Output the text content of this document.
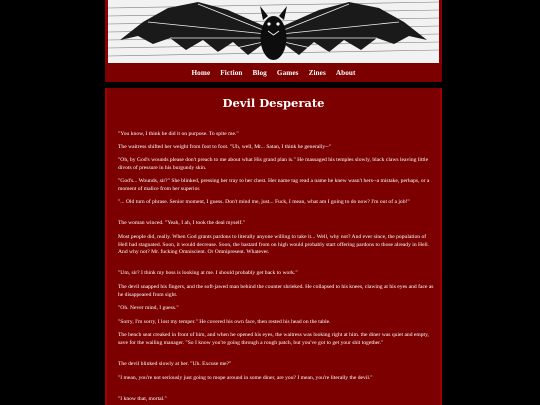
Home Fiction Blog Games Zines About
Devil Desperate

"You know, I think he did it on purpose. To spite me."

The waitress shifted her weight from foot to foot. "Uh, well, Mr... Satan, I think he generally--"

"Oh, by God's wounds please don't preach to me about what His grand plan is." He massaged his temples slowly, black claws leaving little divots of pressure in his burgundy skin.

"God's... Wounds, sir?" She blinked, pressing her tray to her chest. Her name tag read a name he knew wasn't hers--a mistake, perhaps, or a moment of malice from her superior.

"... Old turn of phrase. Senior moment, I guess. Don't mind me, just... Fuck, I mean, what am I going to do now? I'm out of a job!"

The woman winced. "Yeah, I ah, I took the deal myself."

Most people did, really. When God grants pardons to literally anyone willing to take it... Well, why not? And ever since, the population of Hell had stagnated. Soon, it would decrease. Soon, the bastard from on high would probably start offering pardons to those already in Hell. And why not? Mr. fucking Omniscient. Or Omnipresent. Whatever.

"Um, sir? I think my boss is looking at me. I should probably get back to work."

The devil snapped his fingers, and the soft-jawed man behind the counter shrieked. He collapsed to his knees, clawing at his eyes and face as he disappeared from sight.

"Oh. Never mind, I guess."

"Sorry, I'm sorry, I lost my temper." He covered his own face, then rested his head on the table.

The bench seat creaked in front of him, and when he opened his eyes, the waitress was looking right at him. the diner was quiet and empty, save for the wailing manager. "So I know you're going through a rough patch, but you've got to get your shit together."

The devil blinked slowly at her. "Uh. Excuse me?"

"I mean, you're not seriously just going to mope around in some diner, are you? I mean, you're literally the devil."

"I know that, mortal."
